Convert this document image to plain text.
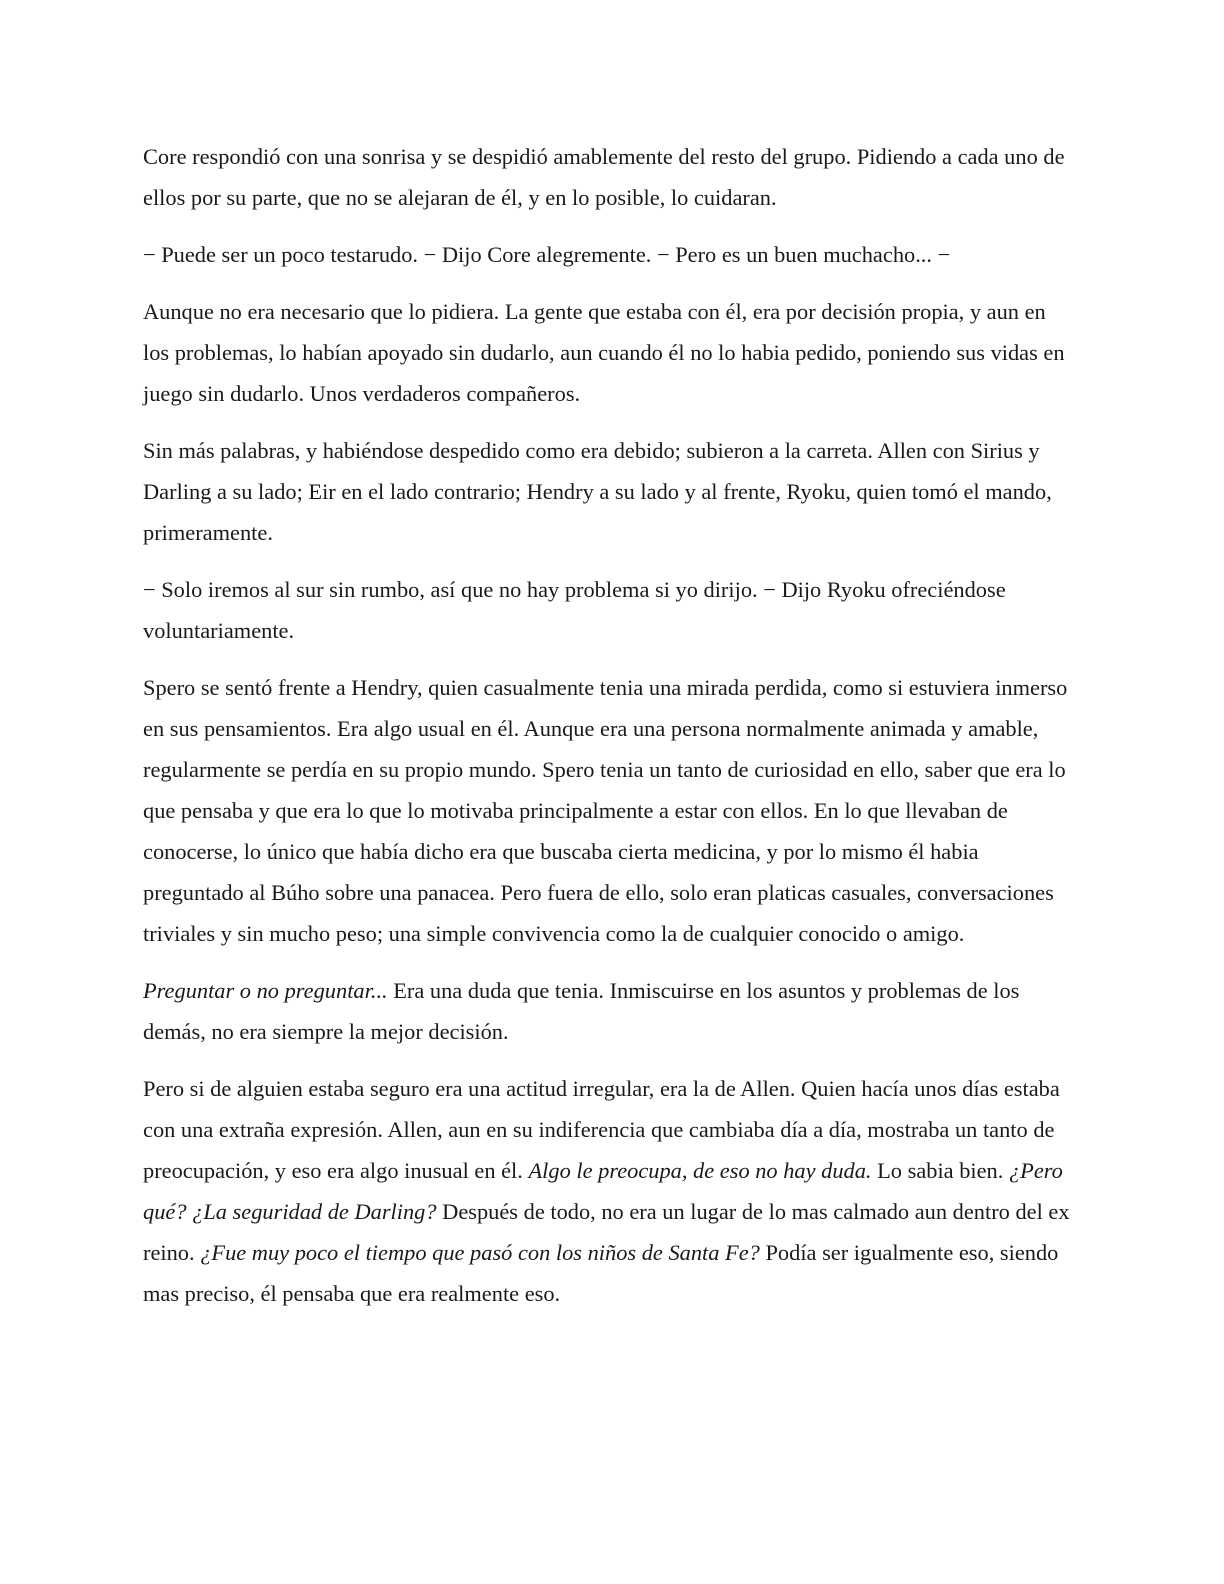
Core respondió con una sonrisa y se despidió amablemente del resto del grupo. Pidiendo a cada uno de ellos por su parte, que no se alejaran de él, y en lo posible, lo cuidaran.

− Puede ser un poco testarudo. − Dijo Core alegremente. − Pero es un buen muchacho... −

Aunque no era necesario que lo pidiera. La gente que estaba con él, era por decisión propia, y aun en los problemas, lo habían apoyado sin dudarlo, aun cuando él no lo habia pedido, poniendo sus vidas en juego sin dudarlo. Unos verdaderos compañeros.

Sin más palabras, y habiéndose despedido como era debido; subieron a la carreta. Allen con Sirius y Darling a su lado; Eir en el lado contrario; Hendry a su lado y al frente, Ryoku, quien tomó el mando, primeramente.

− Solo iremos al sur sin rumbo, así que no hay problema si yo dirijo. − Dijo Ryoku ofreciéndose voluntariamente.

Spero se sentó frente a Hendry, quien casualmente tenia una mirada perdida, como si estuviera inmerso en sus pensamientos. Era algo usual en él. Aunque era una persona normalmente animada y amable, regularmente se perdía en su propio mundo. Spero tenia un tanto de curiosidad en ello, saber que era lo que pensaba y que era lo que lo motivaba principalmente a estar con ellos. En lo que llevaban de conocerse, lo único que había dicho era que buscaba cierta medicina, y por lo mismo él habia preguntado al Búho sobre una panacea. Pero fuera de ello, solo eran platicas casuales, conversaciones triviales y sin mucho peso; una simple convivencia como la de cualquier conocido o amigo.

Preguntar o no preguntar... Era una duda que tenia. Inmiscuirse en los asuntos y problemas de los demás, no era siempre la mejor decisión.

Pero si de alguien estaba seguro era una actitud irregular, era la de Allen. Quien hacía unos días estaba con una extraña expresión. Allen, aun en su indiferencia que cambiaba día a día, mostraba un tanto de preocupación, y eso era algo inusual en él. Algo le preocupa, de eso no hay duda. Lo sabia bien. ¿Pero qué? ¿La seguridad de Darling? Después de todo, no era un lugar de lo mas calmado aun dentro del ex reino. ¿Fue muy poco el tiempo que pasó con los niños de Santa Fe? Podía ser igualmente eso, siendo mas preciso, él pensaba que era realmente eso.
